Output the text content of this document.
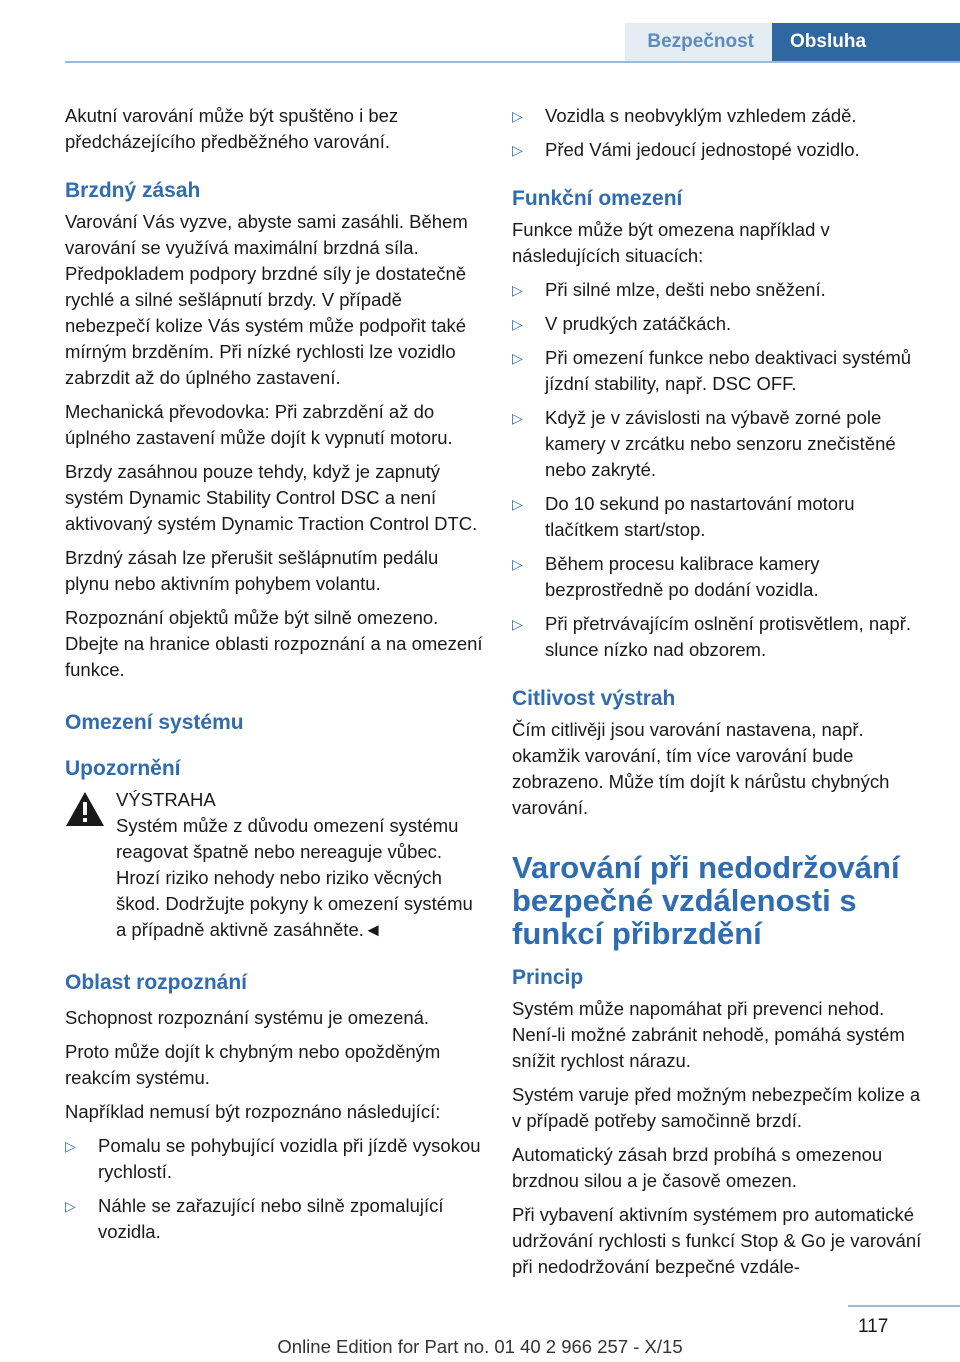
Bezpečnost	Obsluha

Akutní varování může být spuštěno i bez předcházejícího předběžného varování.

Brzdný zásah

Varování Vás vyzve, abyste sami zasáhli. Během varování se využívá maximální brzdná síla. Předpokladem podpory brzdné síly je dostatečně rychlé a silné sešlápnutí brzdy. V případě nebezpečí kolize Vás systém může podpořit také mírným brzděním. Při nízké rychlosti lze vozidlo zabrzdit až do úplného zastavení.

Mechanická převodovka: Při zabrzdění až do úplného zastavení může dojít k vypnutí motoru.

Brzdy zasáhnou pouze tehdy, když je zapnutý systém Dynamic Stability Control DSC a není aktivovaný systém Dynamic Traction Control DTC.

Brzdný zásah lze přerušit sešlápnutím pedálu plynu nebo aktivním pohybem volantu.

Rozpoznání objektů může být silně omezeno. Dbejte na hranice oblasti rozpoznání a na omezení funkce.

Omezení systému
Upozornění
VÝSTRAHA
Systém může z důvodu omezení systému reagovat špatně nebo nereaguje vůbec. Hrozí riziko nehody nebo riziko věcných škod. Dodržujte pokyny k omezení systému a případně aktivně zasáhněte.◄
Oblast rozpoznání

Schopnost rozpoznání systému je omezená.

Proto může dojít k chybným nebo opožděným reakcím systému.

Například nemusí být rozpoznáno následující:

▷ Pomalu se pohybující vozidla při jízdě vysokou rychlostí.
▷ Náhle se zařazující nebo silně zpomalující vozidla.
▷ Vozidla s neobvyklým vzhledem zádě.
▷ Před Vámi jedoucí jednostopé vozidlo.
Funkční omezení

Funkce může být omezena například v následujících situacích:

▷ Při silné mlze, dešti nebo sněžení.
▷ V prudkých zatáčkách.
▷ Při omezení funkce nebo deaktivaci systémů jízdní stability, např. DSC OFF.
▷ Když je v závislosti na výbavě zorné pole kamery v zrcátku nebo senzoru znečistěné nebo zakryté.
▷ Do 10 sekund po nastartování motoru tlačítkem start/stop.
▷ Během procesu kalibrace kamery bezprostředně po dodání vozidla.
▷ Při přetrvávajícím oslnění protisvětlem, např. slunce nízko nad obzorem.
Citlivost výstrah

Čím citlivěji jsou varování nastavena, např. okamžik varování, tím více varování bude zobrazeno. Může tím dojít k nárůstu chybných varování.

Varování při nedodržování bezpečné vzdálenosti s funkcí přibrzdění
Princip

Systém může napomáhat při prevenci nehod. Není-li možné zabránit nehodě, pomáhá systém snížit rychlost nárazu.

Systém varuje před možným nebezpečím kolize a v případě potřeby samočinně brzdí.

Automatický zásah brzd probíhá s omezenou brzdnou silou a je časově omezen.

Při vybavení aktivním systémem pro automatické udržování rychlosti s funkcí Stop & Go je varování při nedodržování bezpečné vzdále-

117
Online Edition for Part no. 01 40 2 966 257 - X/15
